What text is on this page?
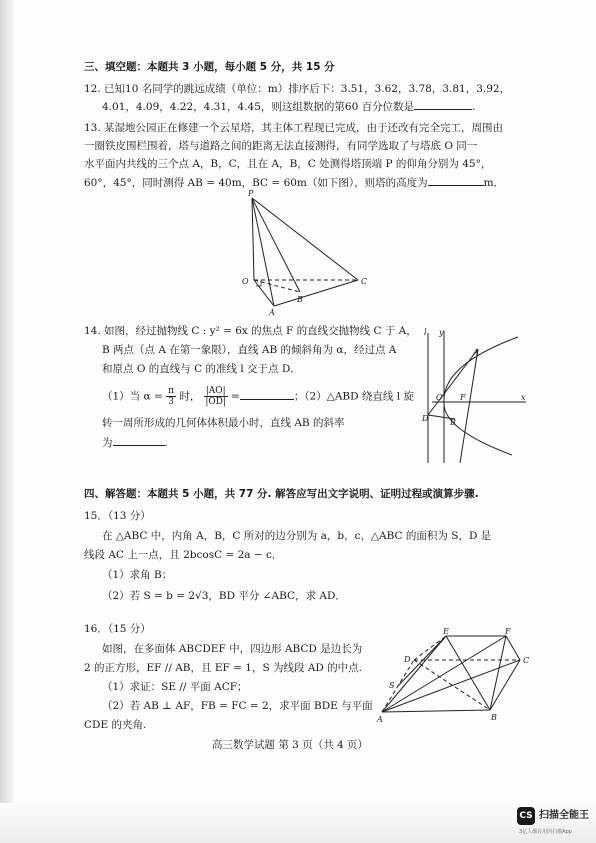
三、填空题：本题共 3 小题，每小题 5 分，共 15 分
12. 已知10 名同学的跳远成绩（单位：m）排序后下：3.51，3.62，3.78，3.81，3.92，
4.01，4.09，4.22，4.31，4.45，则这组数据的第60 百分位数是	.
13. 某湿地公园正在修建一个云星塔，其主体工程现已完成，由于还改有完全完工，周围由
一圈铁皮围栏围着，塔与道路之间的距离无法直接测得，有同学选取了与塔底 O 同一
水平面内共线的三个点 A，B，C，且在 A，B，C 处测得塔顶端 P 的仰角分别为 45°，
60°，45°，同时测得 AB = 40m，BC = 60m（如下图），则塔的高度为	m．
P
O
A
B
C
14. 如图，经过抛物线 C : y² = 6x 的焦点 F 的直线交抛物线 C 于 A，
B 两点（点 A 在第一象限），直线 AB 的倾斜角为 α，经过点 A
和原点 O 的直线与 C 的准线 l 交于点 D．
（1）当 $\alpha = \frac{\pi}{3}$ 时， $\frac{|AO|}{|OD|}$ =	；（2）△ABD 绕直线 l 旋
转一周所形成的几何体体积最小时，直线 AB 的斜率
为	.
l y
A
D
O F
B
x
四、解答题：本题共 5 小题，共 77 分. 解答应写出文字说明、证明过程或演算步骤.
15．（13 分）
在 △ABC 中，内角 A，B，C 所对的边分别为 a，b，c，△ABC 的面积为 S，D 是
线段 AC 上一点，且 2bcosC = 2a − c．
（1）求角 B；
（2）若 S = b = 2√3，BD 平分 ∠ABC，求 AD．
16．（15 分）
如图，在多面体 ABCDEF 中，四边形 ABCD 是边长为
2 的正方形，EF // AB，且 EF = 1，S 为线段 AD 的中点.
（1）求证：SE // 平面 ACF；
（2）若 AB ⊥ AF，FB = FC = 2，求平面 BDE 与平面
CDE 的夹角.
E	F
D	C
S
A	B
高三数学试题 第 3 页（共 4 页）
CS 扫描全能王
3亿人都在用的扫描App
